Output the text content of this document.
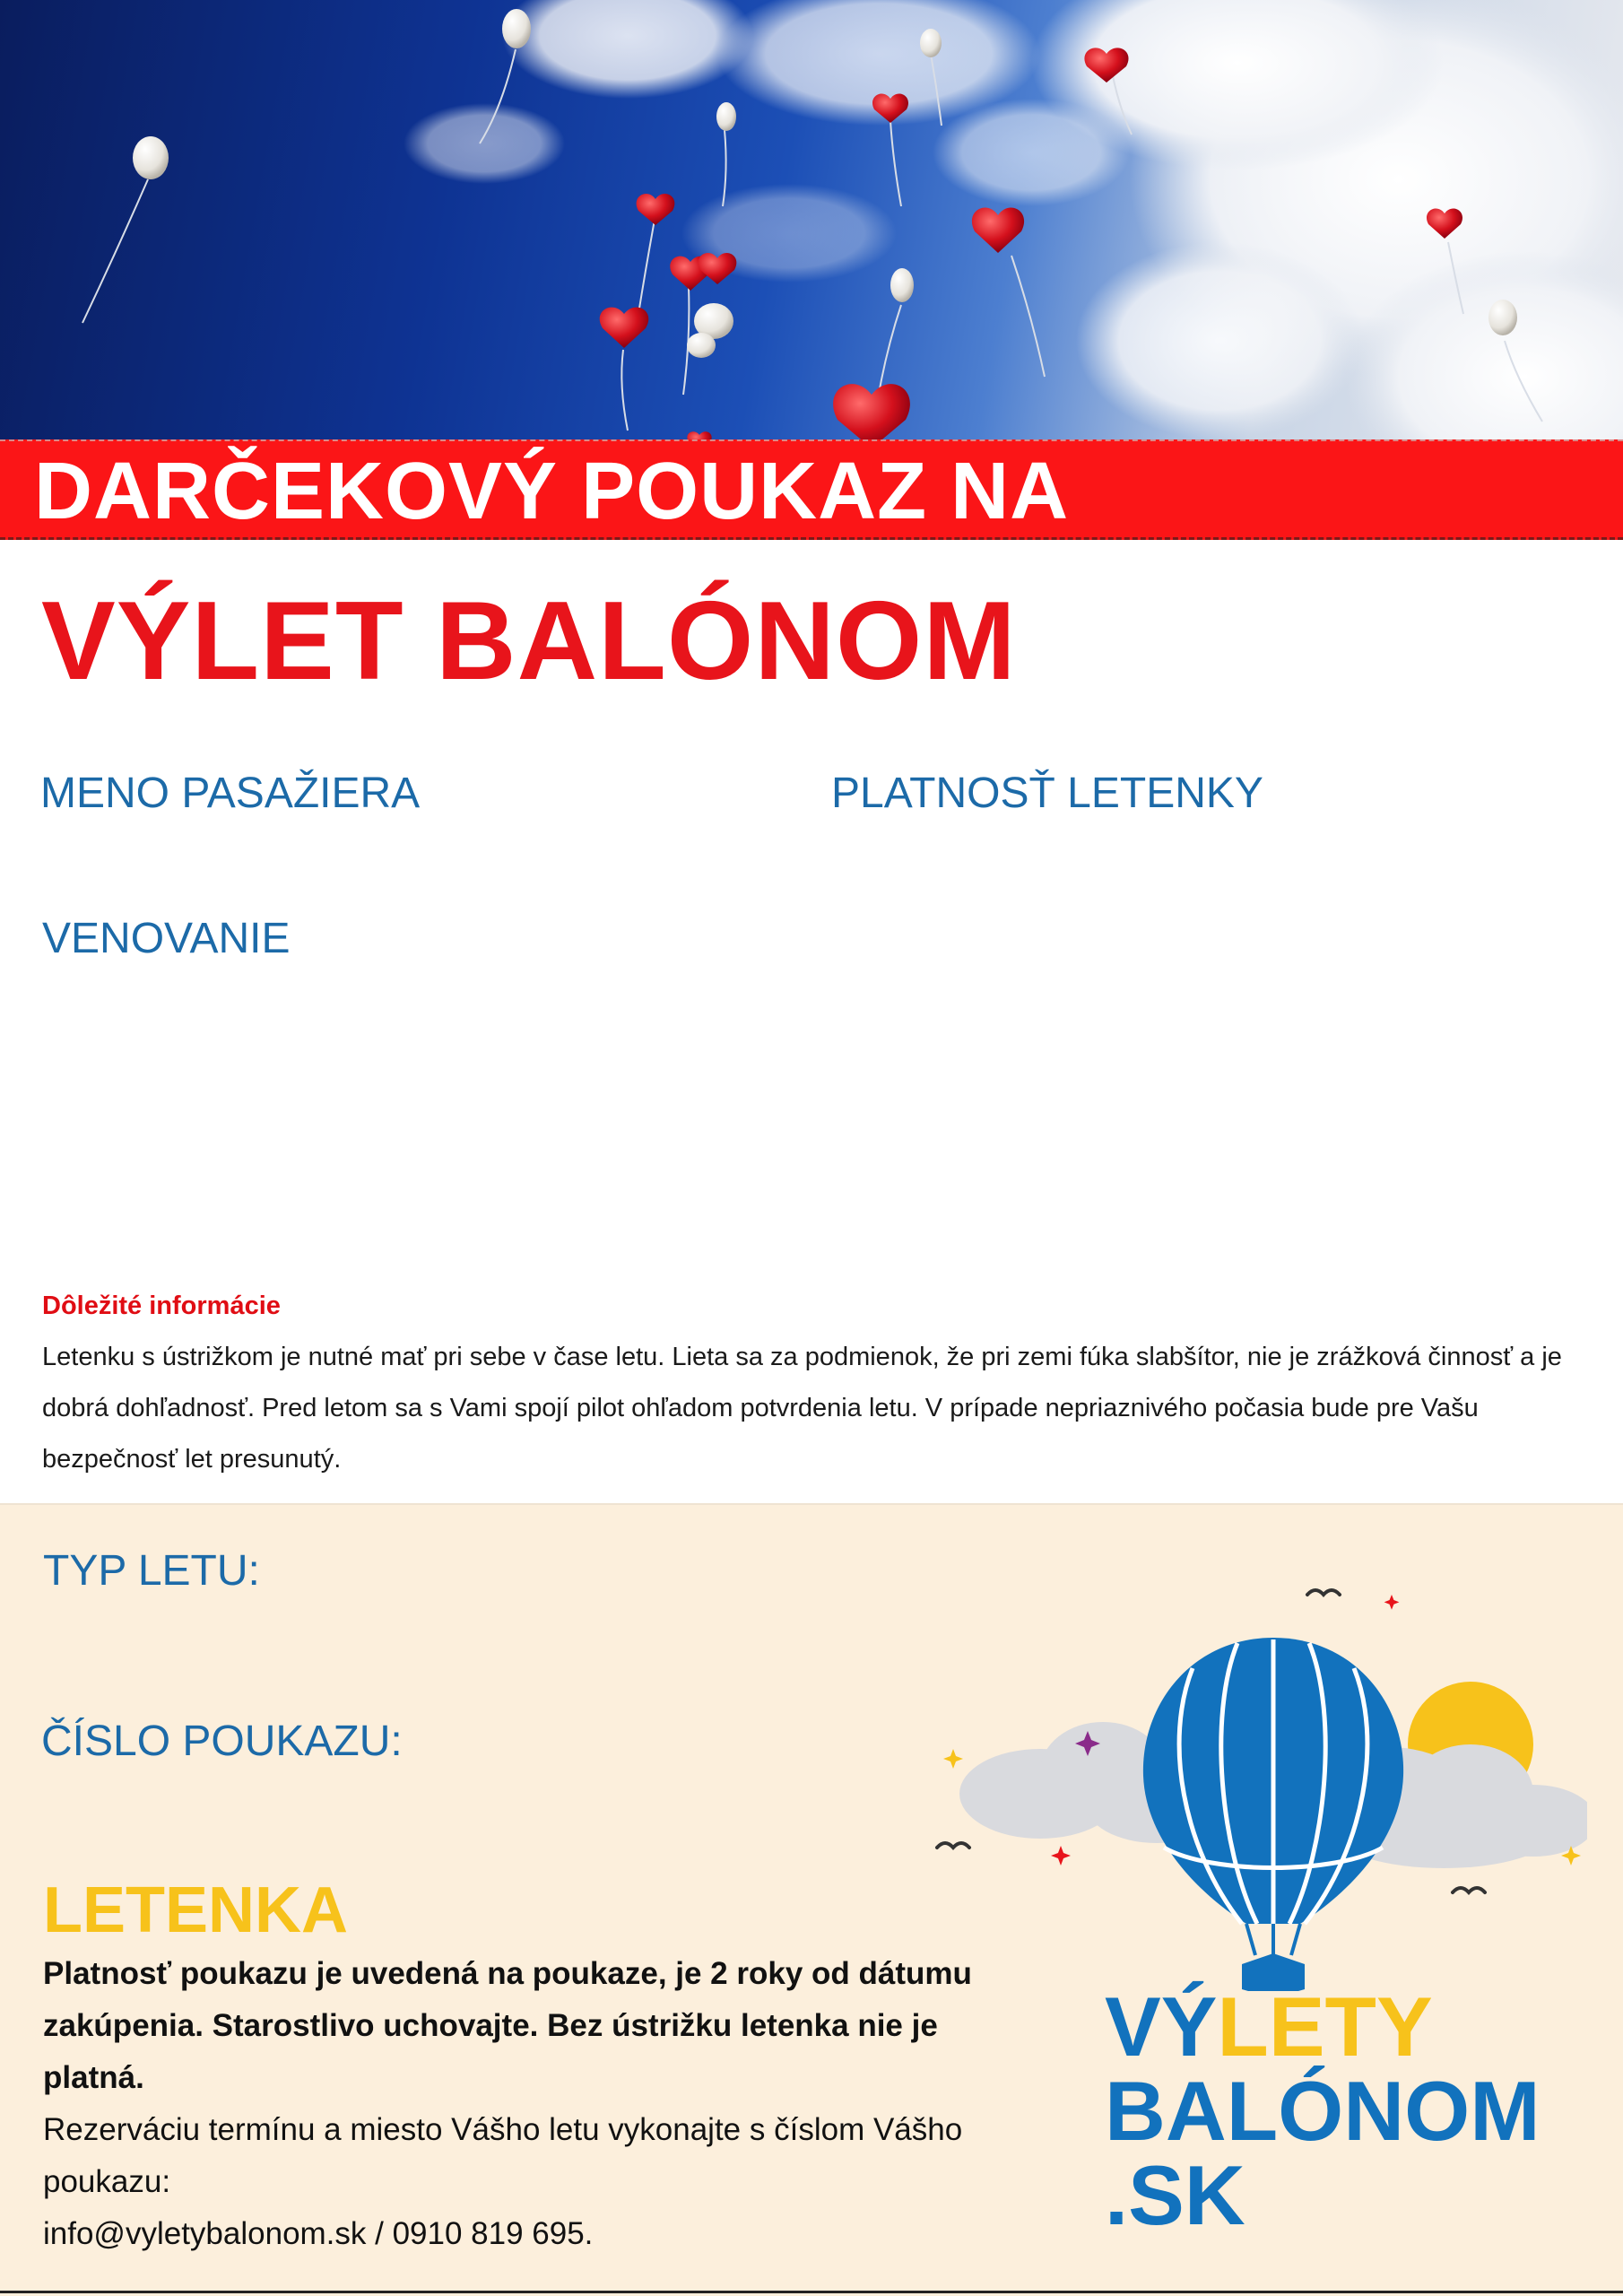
DARČEKOVÝ POUKAZ NA
VÝLET BALÓNOM
MENO PASAŽIERA	PLATNOSŤ LETENKY
VENOVANIE
Dôležité informácie
Letenku s ústrižkom je nutné mať pri sebe v čase letu. Lieta sa za podmienok, že pri zemi fúka slabšítor, nie je zrážková činnosť a je dobrá dohľadnosť. Pred letom sa s Vami spojí pilot ohľadom potvrdenia letu. V prípade nepriaznivého počasia bude pre Vašu bezpečnosť let presunutý.
TYP LETU:
ČÍSLO POUKAZU:
LETENKA
Platnosť poukazu je uvedená na poukaze, je 2 roky od dátumu zakúpenia. Starostlivo uchovajte. Bez ústrižku letenka nie je platná.
Rezerváciu termínu a miesto Vášho letu vykonajte s číslom Vášho poukazu:
info@vyletybalonom.sk / 0910 819 695.
VÝLETY
BALÓNOM
.SK
